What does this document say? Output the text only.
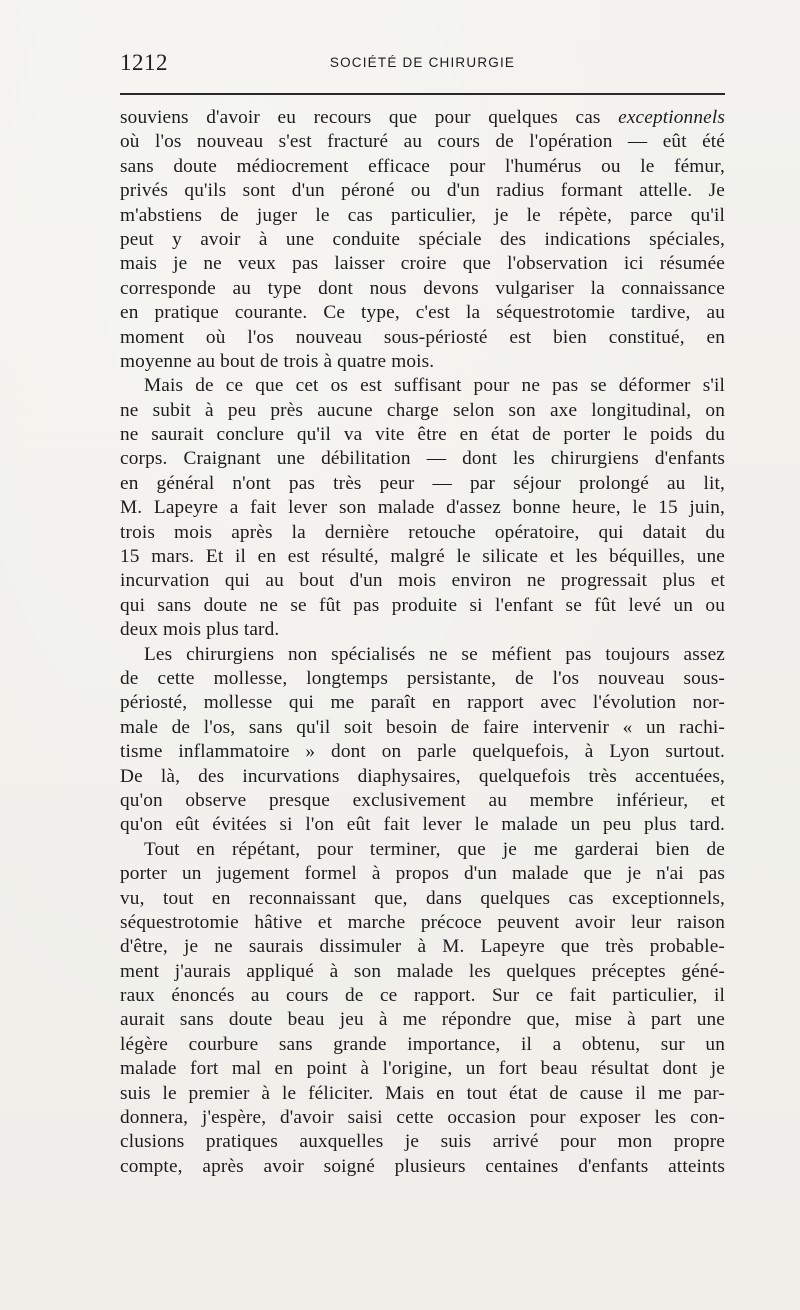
1212	SOCIÉTÉ DE CHIRURGIE
souviens d'avoir eu recours que pour quelques cas exceptionnels
où l'os nouveau s'est fracturé au cours de l'opération — eût été
sans doute médiocrement efficace pour l'humérus ou le fémur,
privés qu'ils sont d'un péroné ou d'un radius formant attelle. Je
m'abstiens de juger le cas particulier, je le répète, parce qu'il
peut y avoir à une conduite spéciale des indications spéciales,
mais je ne veux pas laisser croire que l'observation ici résumée
corresponde au type dont nous devons vulgariser la connaissance
en pratique courante. Ce type, c'est la séquestrotomie tardive, au
moment où l'os nouveau sous-périosté est bien constitué, en
moyenne au bout de trois à quatre mois.
Mais de ce que cet os est suffisant pour ne pas se déformer s'il
ne subit à peu près aucune charge selon son axe longitudinal, on
ne saurait conclure qu'il va vite être en état de porter le poids du
corps. Craignant une débilitation — dont les chirurgiens d'enfants
en général n'ont pas très peur — par séjour prolongé au lit,
M. Lapeyre a fait lever son malade d'assez bonne heure, le 15 juin,
trois mois après la dernière retouche opératoire, qui datait du
15 mars. Et il en est résulté, malgré le silicate et les béquilles, une
incurvation qui au bout d'un mois environ ne progressait plus et
qui sans doute ne se fût pas produite si l'enfant se fût levé un ou
deux mois plus tard.
Les chirurgiens non spécialisés ne se méfient pas toujours assez
de cette mollesse, longtemps persistante, de l'os nouveau sous-
périosté, mollesse qui me paraît en rapport avec l'évolution nor-
male de l'os, sans qu'il soit besoin de faire intervenir « un rachi-
tisme inflammatoire » dont on parle quelquefois, à Lyon surtout.
De là, des incurvations diaphysaires, quelquefois très accentuées,
qu'on observe presque exclusivement au membre inférieur, et
qu'on eût évitées si l'on eût fait lever le malade un peu plus tard.
Tout en répétant, pour terminer, que je me garderai bien de
porter un jugement formel à propos d'un malade que je n'ai pas
vu, tout en reconnaissant que, dans quelques cas exceptionnels,
séquestrotomie hâtive et marche précoce peuvent avoir leur raison
d'être, je ne saurais dissimuler à M. Lapeyre que très probable-
ment j'aurais appliqué à son malade les quelques préceptes géné-
raux énoncés au cours de ce rapport. Sur ce fait particulier, il
aurait sans doute beau jeu à me répondre que, mise à part une
légère courbure sans grande importance, il a obtenu, sur un
malade fort mal en point à l'origine, un fort beau résultat dont je
suis le premier à le féliciter. Mais en tout état de cause il me par-
donnera, j'espère, d'avoir saisi cette occasion pour exposer les con-
clusions pratiques auxquelles je suis arrivé pour mon propre
compte, après avoir soigné plusieurs centaines d'enfants atteints
